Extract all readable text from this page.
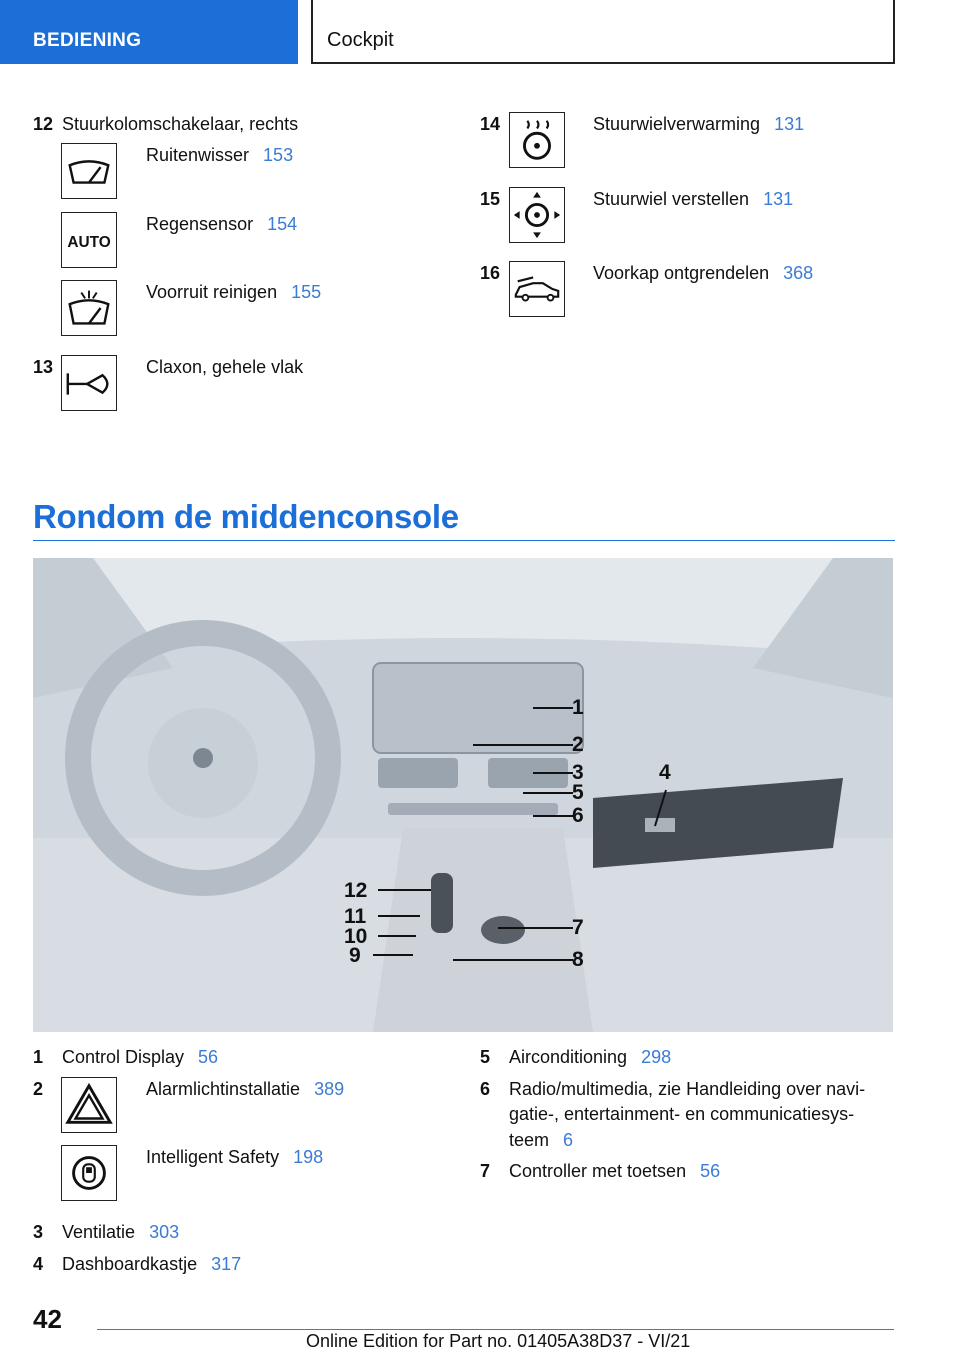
BEDIENING	Cockpit
12 Stuurkolomschakelaar, rechts
Ruitenwisser 153
AUTO
Regensensor 154
Voorruit reinigen 155
13	Claxon, gehele vlak
14	Stuurwielverwarming 131
15	Stuurwiel verstellen 131
16	Voorkap ontgrendelen 368
Rondom de middenconsole
1
2
3	4
5
6
7
8
9
10
11
12
1 Control Display 56
2	Alarmlichtinstallatie 389
Intelligent Safety 198
3 Ventilatie 303
4 Dashboardkastje 317
5 Airconditioning 298
6 Radio/multimedia, zie Handleiding over navi-
gatie-, entertainment- en communicatiesys-
teem 6
7 Controller met toetsen 56
42
Online Edition for Part no. 01405A38D37 - VI/21
